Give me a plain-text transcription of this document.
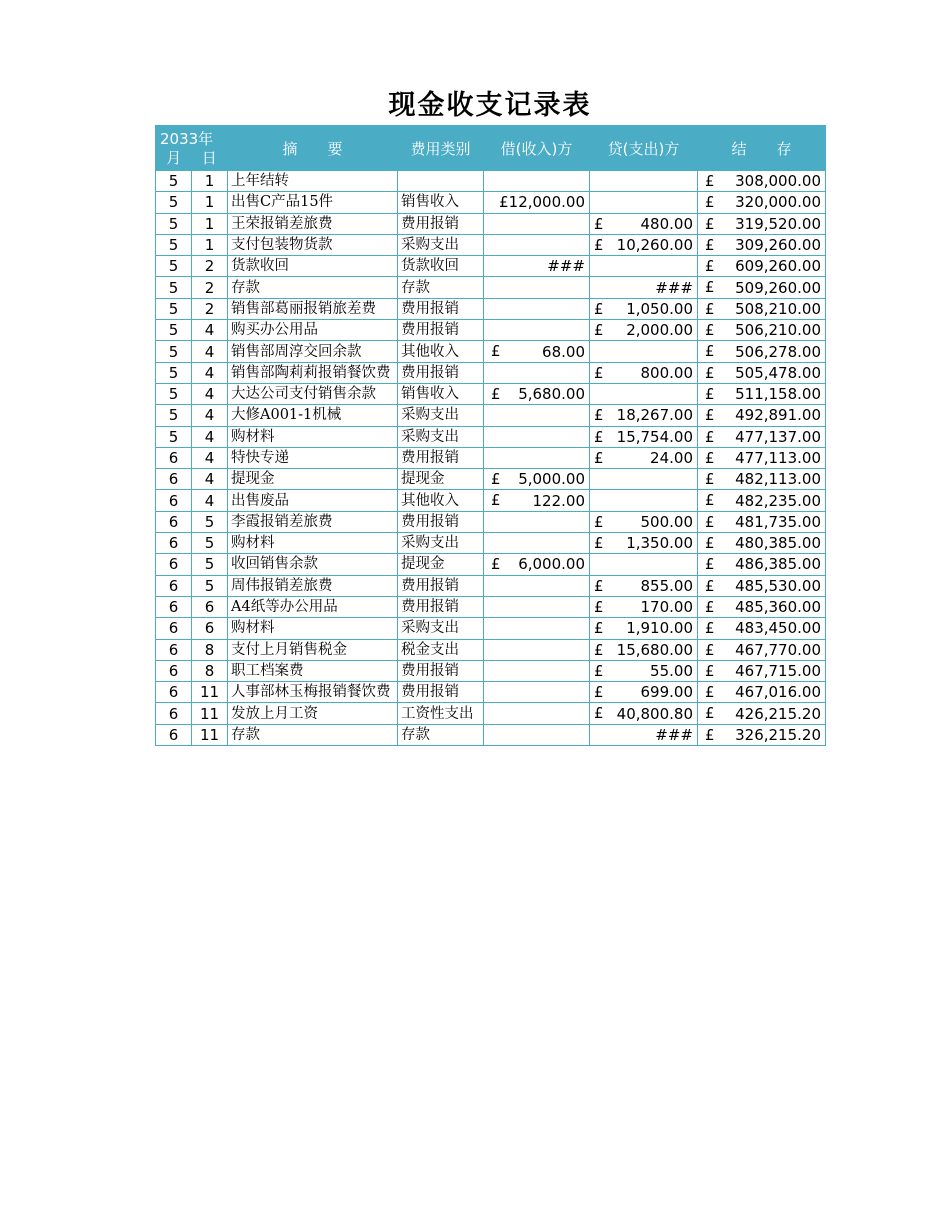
现金收支记录表
2033年
月 日		摘　　要	费用类别	借(收入)方	贷(支出)方	结　　存
5	1	上年结转				£ 308,000.00

5	1	出售C产品15件	销售收入	£12,000.00		£ 320,000.00

5	1	王荣报销差旅费	费用报销		£ 480.00	£ 319,520.00

5	1	支付包装物货款	采购支出		£ 10,260.00	£ 309,260.00

5	2	货款收回	货款收回	###		£ 609,260.00

5	2	存款	存款		###	£ 509,260.00

5	2	销售部葛丽报销旅差费	费用报销		£ 1,050.00	£ 508,210.00

5	4	购买办公用品	费用报销		£ 2,000.00	£ 506,210.00

5	4	销售部周淳交回余款	其他收入	£ 68.00		£ 506,278.00

5	4	销售部陶莉莉报销餐饮费	费用报销		£ 800.00	£ 505,478.00

5	4	大达公司支付销售余款	销售收入	£ 5,680.00		£ 511,158.00

5	4	大修A001-1机械	采购支出		£ 18,267.00	£ 492,891.00

5	4	购材料	采购支出		£ 15,754.00	£ 477,137.00

6	4	特快专递	费用报销		£ 24.00	£ 477,113.00

6	4	提现金	提现金	£ 5,000.00		£ 482,113.00

6	4	出售废品	其他收入	£ 122.00		£ 482,235.00

6	5	李霞报销差旅费	费用报销		£ 500.00	£ 481,735.00

6	5	购材料	采购支出		£ 1,350.00	£ 480,385.00

6	5	收回销售余款	提现金	£ 6,000.00		£ 486,385.00

6	5	周伟报销差旅费	费用报销		£ 855.00	£ 485,530.00

6	6	A4纸等办公用品	费用报销		£ 170.00	£ 485,360.00

6	6	购材料	采购支出		£ 1,910.00	£ 483,450.00

6	8	支付上月销售税金	税金支出		£ 15,680.00	£ 467,770.00

6	8	职工档案费	费用报销		£ 55.00	£ 467,715.00

6	11	人事部林玉梅报销餐饮费	费用报销		£ 699.00	£ 467,016.00

6	11	发放上月工资	工资性支出		£ 40,800.80	£ 426,215.20

6	11	存款	存款		###	£ 326,215.20
